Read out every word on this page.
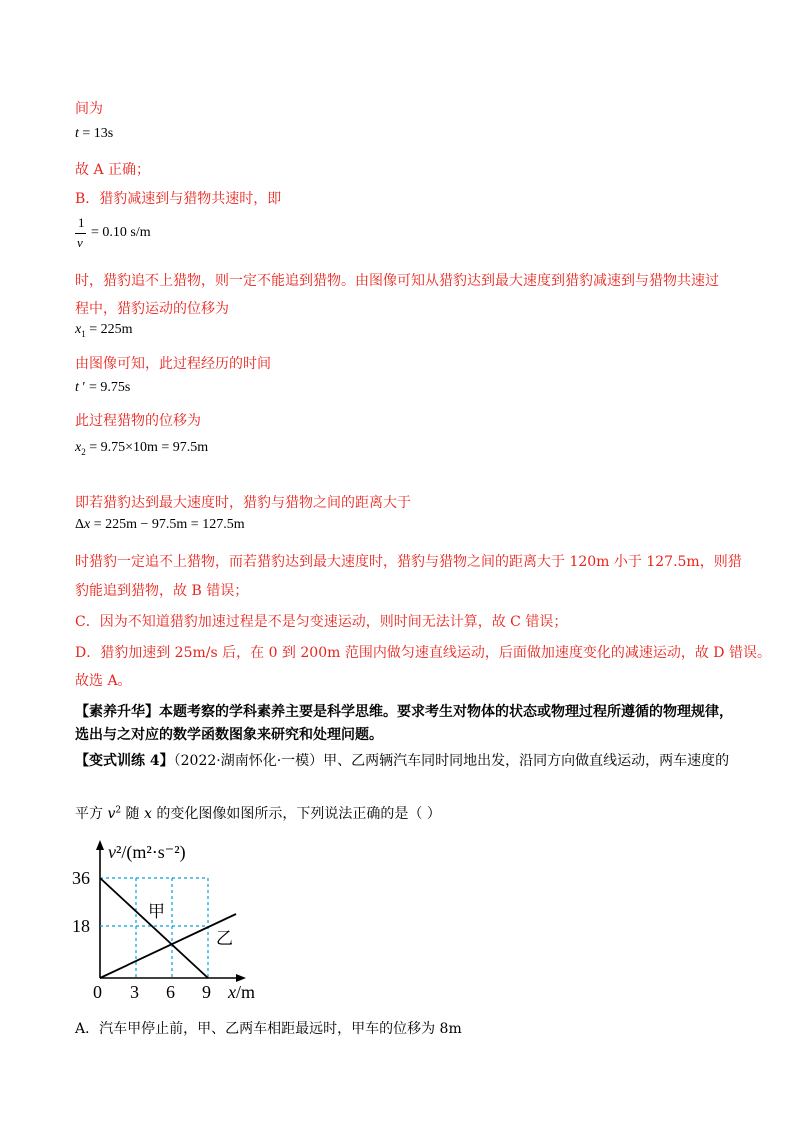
间为
t = 13s
故 A 正确；
B．猎豹减速到与猎物共速时，即
1
v
= 0.10 s/m
时，猎豹追不上猎物，则一定不能追到猎物。由图像可知从猎豹达到最大速度到猎豹减速到与猎物共速过
程中，猎豹运动的位移为
$x_1 = 225m$
由图像可知，此过程经历的时间
t ′ = 9.75s
此过程猎物的位移为
$x_2 = 9.75\times 10m = 97.5m$
即若猎豹达到最大速度时，猎豹与猎物之间的距离大于
Δx = 225m − 97.5m = 127.5m
时猎豹一定追不上猎物，而若猎豹达到最大速度时，猎豹与猎物之间的距离大于 120m 小于 127.5m，则猎
豹能追到猎物，故 B 错误；
C．因为不知道猎豹加速过程是不是匀变速运动，则时间无法计算，故 C 错误；
D．猎豹加速到 25m/s 后，在 0 到 200m 范围内做匀速直线运动，后面做加速度变化的减速运动，故 D 错误。
故选 A。
【素养升华】本题考察的学科素养主要是科学思维。要求考生对物体的状态或物理过程所遵循的物理规律，
选出与之对应的数学函数图象来研究和处理问题。
【变式训练 4】（2022·湖南怀化·一模）甲、乙两辆汽车同时同地出发，沿同方向做直线运动，两车速度的
平方 $v^2$ 随 x 的变化图像如图所示，下列说法正确的是（ ）
v²/(m²·s⁻²)
36
18
0 3 6 9 x/m
甲
乙
A．汽车甲停止前，甲、乙两车相距最远时，甲车的位移为 8m
